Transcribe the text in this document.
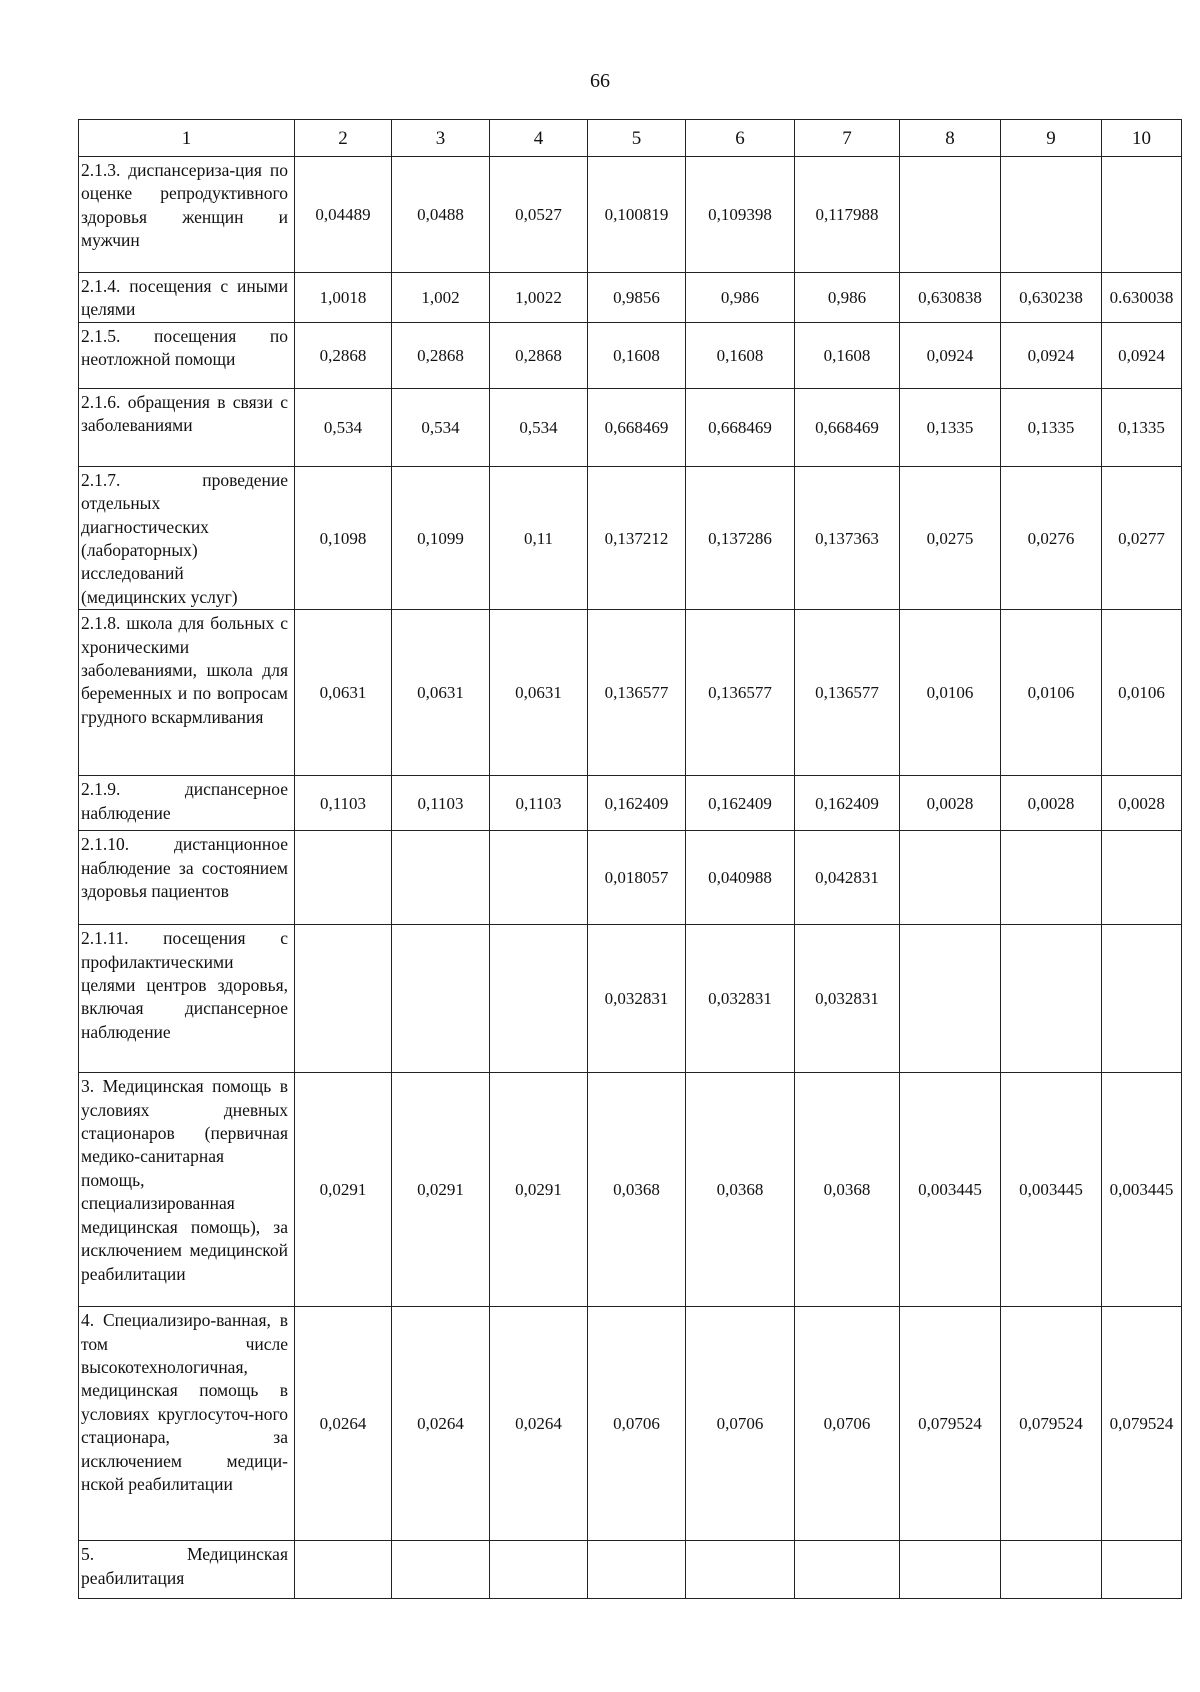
66
1	2	3	4	5	6	7	8	9	10
2.1.3. диспансериза-ция по оценке репродуктивного здоровья женщин и мужчин	0,04489	0,0488	0,0527	0,100819	0,109398	0,117988			
2.1.4. посещения с иными целями	1,0018	1,002	1,0022	0,9856	0,986	0,986	0,630838	0,630238	0.630038
2.1.5. посещения по неотложной помощи	0,2868	0,2868	0,2868	0,1608	0,1608	0,1608	0,0924	0,0924	0,0924
2.1.6. обращения в связи с заболеваниями	0,534	0,534	0,534	0,668469	0,668469	0,668469	0,1335	0,1335	0,1335
2.1.7. проведение отдельных диагностических (лабораторных) исследований (медицинских услуг)	0,1098	0,1099	0,11	0,137212	0,137286	0,137363	0,0275	0,0276	0,0277
2.1.8. школа для больных с хроническими заболеваниями, школа для беременных и по вопросам грудного вскармливания	0,0631	0,0631	0,0631	0,136577	0,136577	0,136577	0,0106	0,0106	0,0106
2.1.9. диспансерное наблюдение	0,1103	0,1103	0,1103	0,162409	0,162409	0,162409	0,0028	0,0028	0,0028
2.1.10. дистанционное наблюдение за состоянием здоровья пациентов				0,018057	0,040988	0,042831			
2.1.11. посещения с профилактическими целями центров здоровья, включая диспансерное наблюдение				0,032831	0,032831	0,032831			
3. Медицинская помощь в условиях дневных стационаров (первичная медико-санитарная помощь, специализированная медицинская помощь), за исключением медицинской реабилитации	0,0291	0,0291	0,0291	0,0368	0,0368	0,0368	0,003445	0,003445	0,003445
4. Специализиро-ванная, в том числе высокотехнологичная, медицинская помощь в условиях круглосуточ-ного стационара, за исключением медици-нской реабилитации	0,0264	0,0264	0,0264	0,0706	0,0706	0,0706	0,079524	0,079524	0,079524
5. Медицинская реабилитация									
